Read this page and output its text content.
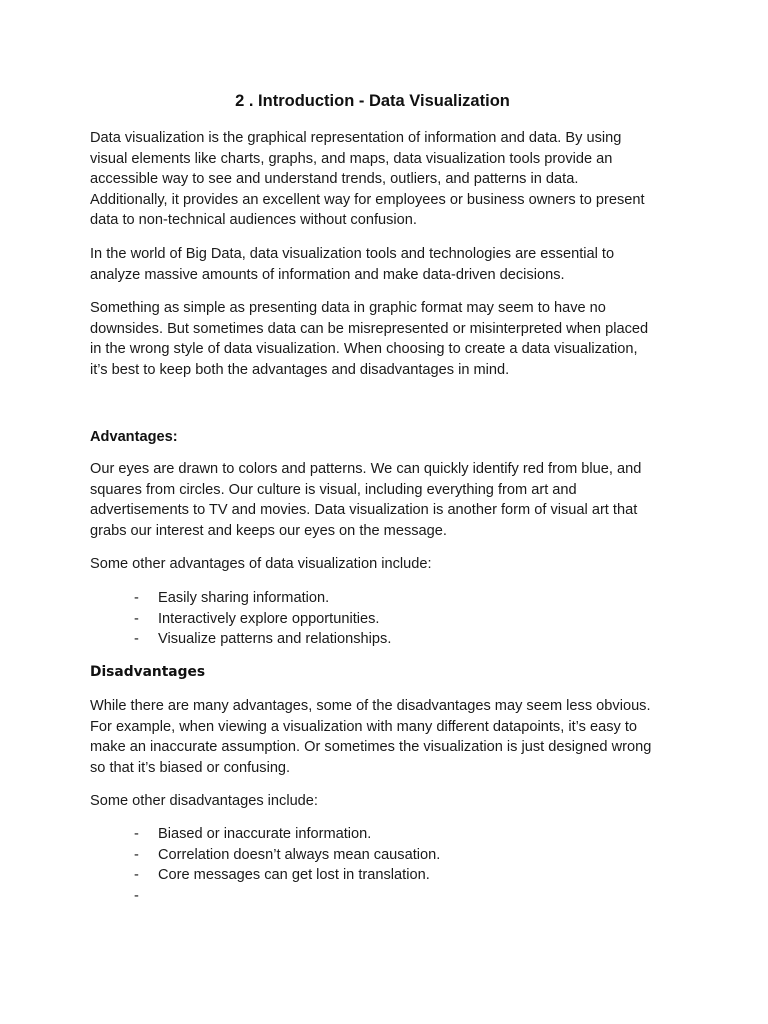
2 . Introduction - Data Visualization

Data visualization is the graphical representation of information and data. By using
visual elements like charts, graphs, and maps, data visualization tools provide an
accessible way to see and understand trends, outliers, and patterns in data.
Additionally, it provides an excellent way for employees or business owners to present
data to non-technical audiences without confusion.

In the world of Big Data, data visualization tools and technologies are essential to
analyze massive amounts of information and make data-driven decisions.

Something as simple as presenting data in graphic format may seem to have no
downsides. But sometimes data can be misrepresented or misinterpreted when placed
in the wrong style of data visualization. When choosing to create a data visualization,
it’s best to keep both the advantages and disadvantages in mind.

Advantages:

Our eyes are drawn to colors and patterns. We can quickly identify red from blue, and
squares from circles. Our culture is visual, including everything from art and
advertisements to TV and movies. Data visualization is another form of visual art that
grabs our interest and keeps our eyes on the message.

Some other advantages of data visualization include:

- Easily sharing information.
- Interactively explore opportunities.
- Visualize patterns and relationships.
Disadvantages

While there are many advantages, some of the disadvantages may seem less obvious.
For example, when viewing a visualization with many different datapoints, it’s easy to
make an inaccurate assumption. Or sometimes the visualization is just designed wrong
so that it’s biased or confusing.

Some other disadvantages include:

- Biased or inaccurate information.
- Correlation doesn’t always mean causation.
- Core messages can get lost in translation.
-
